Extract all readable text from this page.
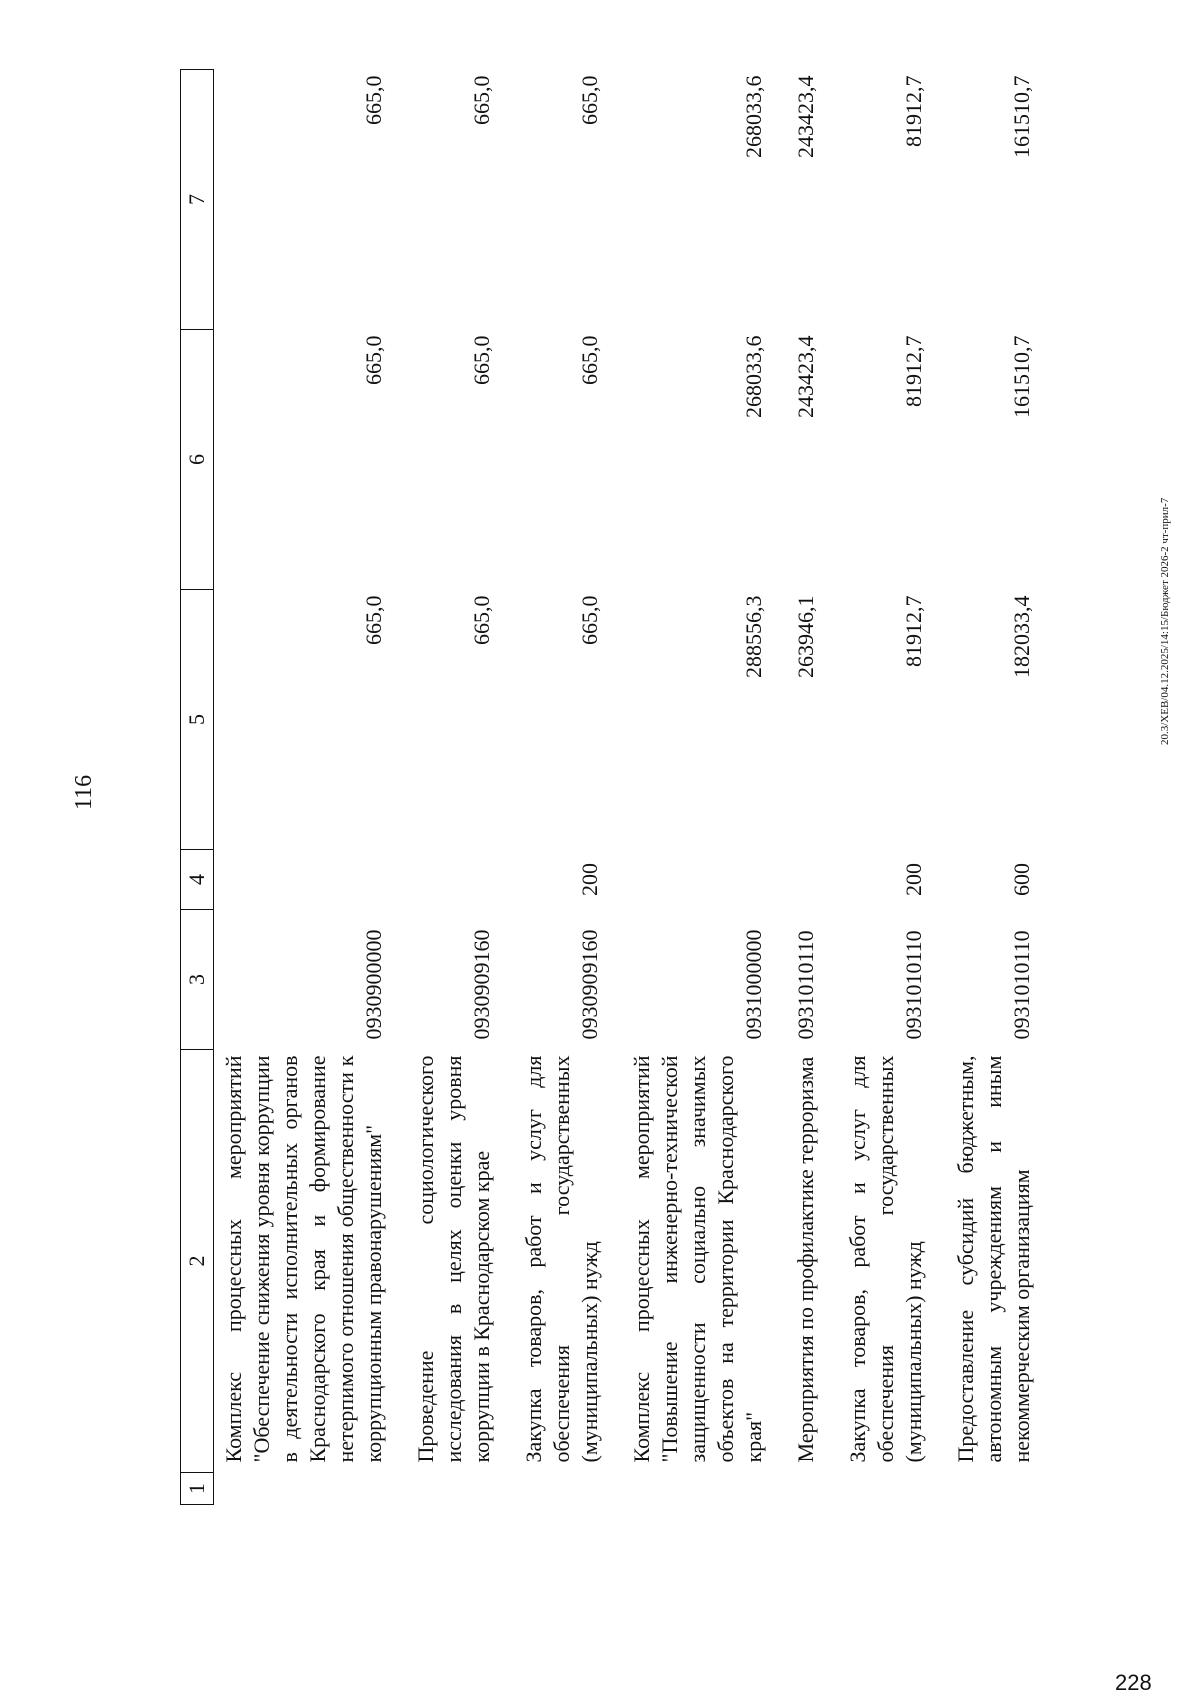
116
1	2	3	4	5	6	7
	Комплекс процессных мероприятий "Обеспечение снижения уровня коррупции в деятельности исполнительных органов Краснодарского края и формирование нетерпимого отношения общественности к коррупционным правонарушениям"	0930900000		665,0	665,0	665,0
	Проведение социологического исследования в целях оценки уровня коррупции в Краснодарском крае	0930909160		665,0	665,0	665,0
	Закупка товаров, работ и услуг для обеспечения государственных (муниципальных) нужд	0930909160	200	665,0	665,0	665,0
	Комплекс процессных мероприятий "Повышение инженерно-технической защищенности социально значимых объектов на территории Краснодарского края"	0931000000		288556,3	268033,6	268033,6
	Мероприятия по профилактике терроризма	0931010110		263946,1	243423,4	243423,4
	Закупка товаров, работ и услуг для обеспечения государственных (муниципальных) нужд	0931010110	200	81912,7	81912,7	81912,7
	Предоставление субсидий бюджетным, автономным учреждениям и иным некоммерческим организациям	0931010110	600	182033,4	161510,7	161510,7
20.3/ХЕВ/04.12.2025/14:15/Бюджет 2026-2 чт-прил-7
228
